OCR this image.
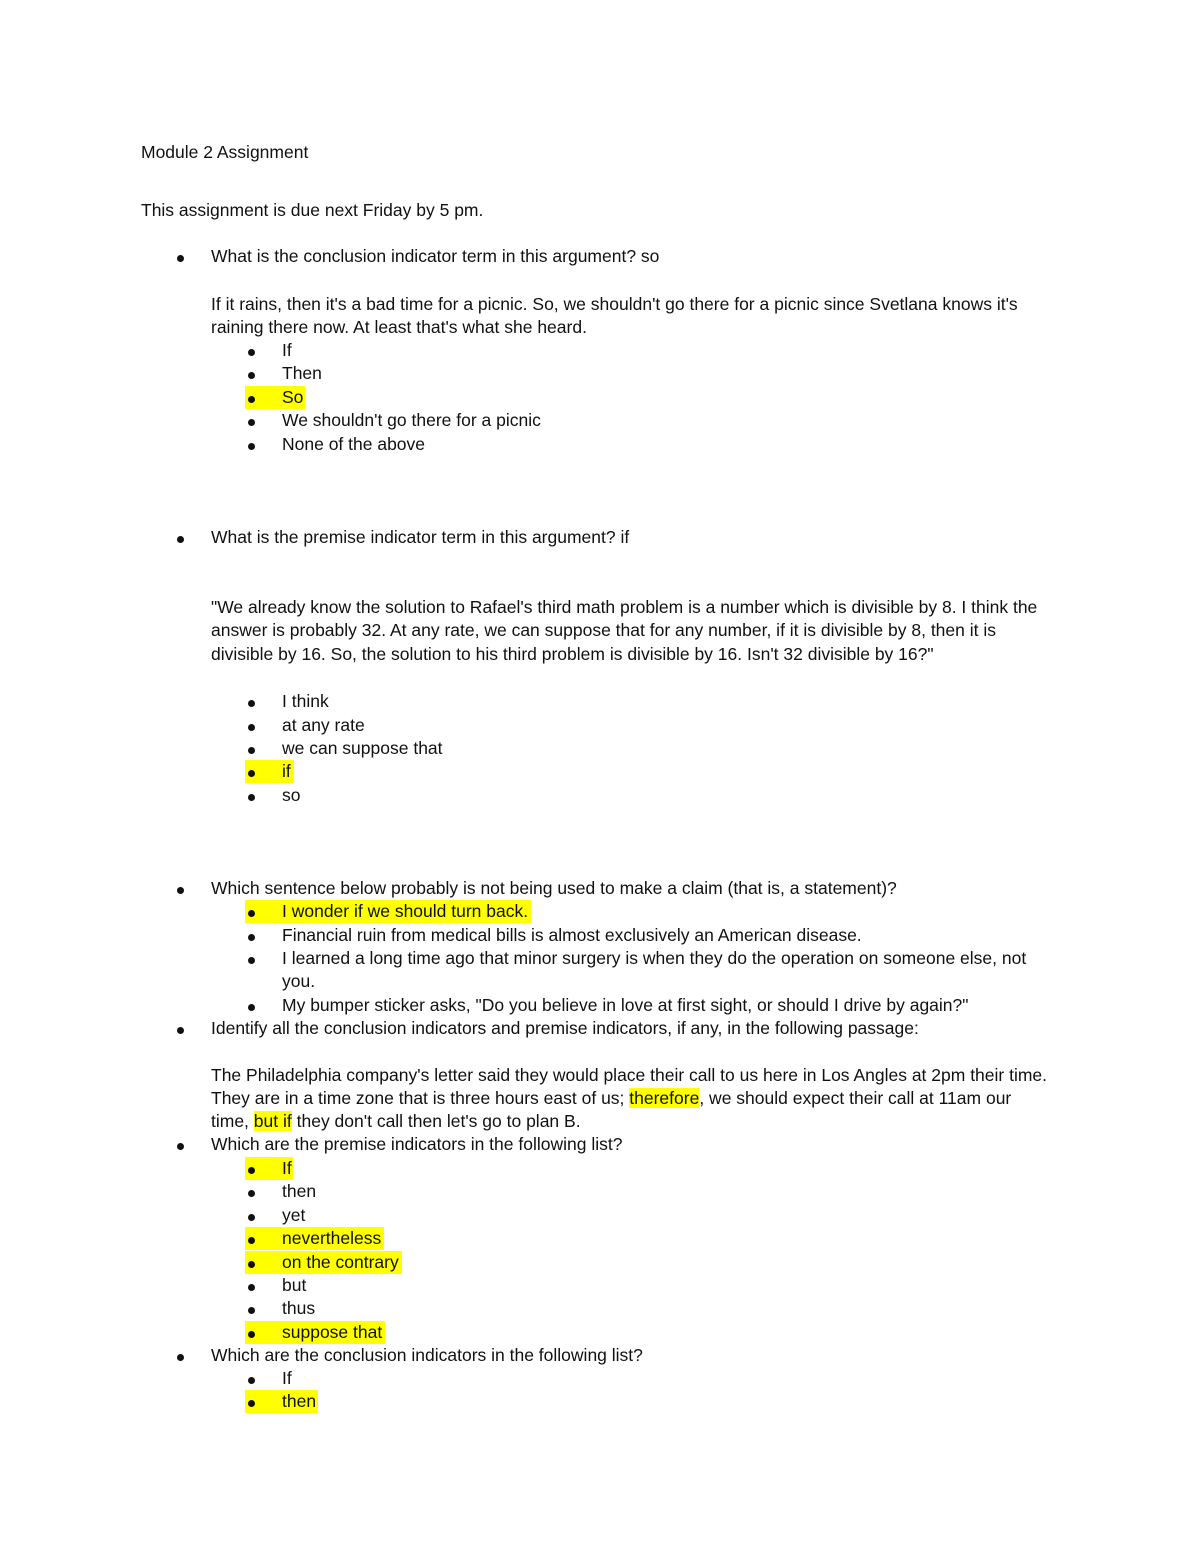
Module 2 Assignment
This assignment is due next Friday by 5 pm.
What is the conclusion indicator term in this argument? so
If it rains, then it's a bad time for a picnic. So, we shouldn't go there for a picnic since Svetlana knows it's
raining there now. At least that's what she heard.
If
Then
So
We shouldn't go there for a picnic
None of the above
What is the premise indicator term in this argument? if
"We already know the solution to Rafael's third math problem is a number which is divisible by 8. I think the
answer is probably 32. At any rate, we can suppose that for any number, if it is divisible by 8, then it is
divisible by 16. So, the solution to his third problem is divisible by 16. Isn't 32 divisible by 16?"
I think
at any rate
we can suppose that
if
so
Which sentence below probably is not being used to make a claim (that is, a statement)?
I wonder if we should turn back.
Financial ruin from medical bills is almost exclusively an American disease.
I learned a long time ago that minor surgery is when they do the operation on someone else, not
you.
My bumper sticker asks, "Do you believe in love at first sight, or should I drive by again?"
Identify all the conclusion indicators and premise indicators, if any, in the following passage:
The Philadelphia company's letter said they would place their call to us here in Los Angles at 2pm their time.
They are in a time zone that is three hours east of us; therefore, we should expect their call at 11am our
time, but if they don't call then let's go to plan B.
Which are the premise indicators in the following list?
If
then
yet
nevertheless
on the contrary
but
thus
suppose that
Which are the conclusion indicators in the following list?
If
then
